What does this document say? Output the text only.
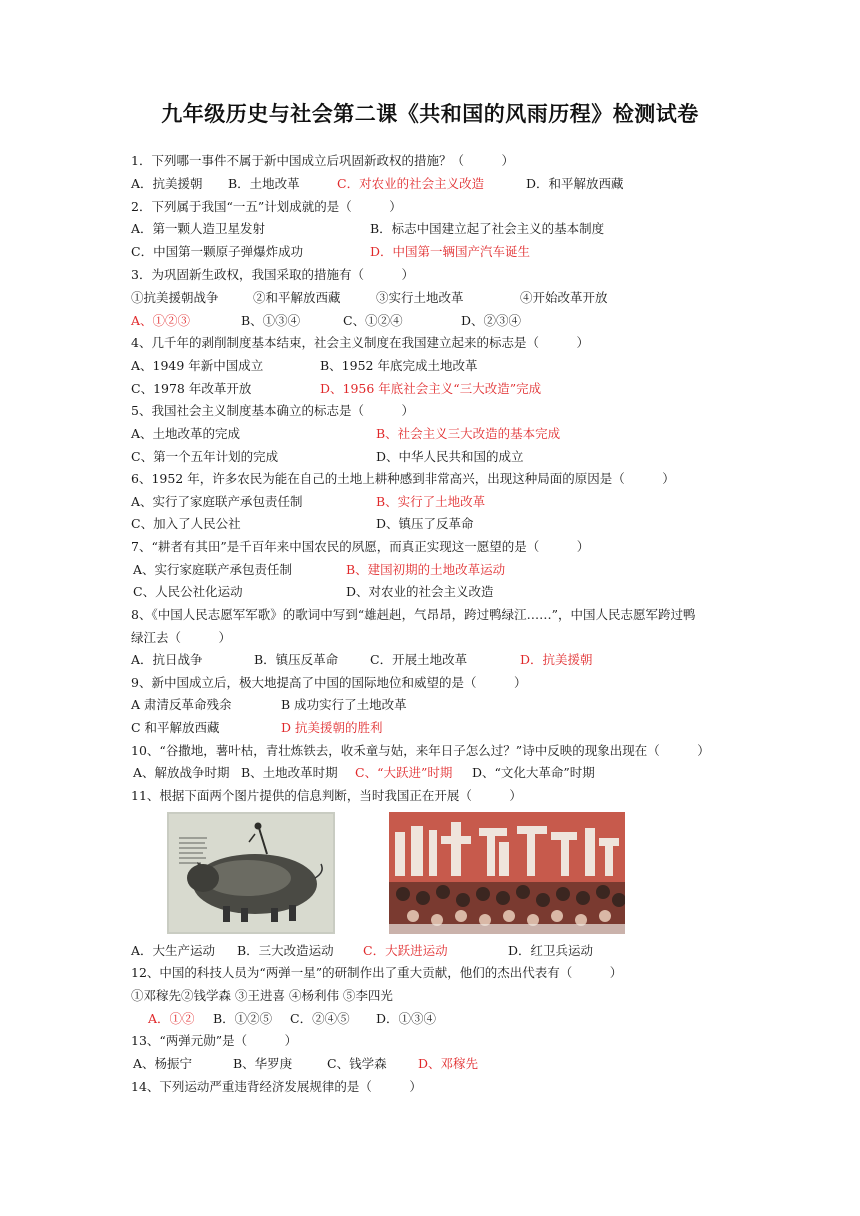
九年级历史与社会第二课《共和国的风雨历程》检测试卷
1．下列哪一事件不属于新中国成立后巩固新政权的措施？（　　　）
A．抗美援朝 B．土地改革	C．对农业的社会主义改造	D．和平解放西藏
2．下列属于我国“一五”计划成就的是（　　　）
A．第一颗人造卫星发射	B．标志中国建立起了社会主义的基本制度
C．中国第一颗原子弹爆炸成功	D．中国第一辆国产汽车诞生
3．为巩固新生政权，我国采取的措施有（　　　）
①抗美援朝战争	②和平解放西藏	③实行土地改革	④开始改革开放
A、①②③	B、①③④	C、①②④	D、②③④
4、几千年的剥削制度基本结束，社会主义制度在我国建立起来的标志是（　　　）
A、1949 年新中国成立	B、1952 年底完成土地改革
C、1978 年改革开放	D、1956 年底社会主义“三大改造”完成
5、我国社会主义制度基本确立的标志是（　　　）
A、土地改革的完成	B、社会主义三大改造的基本完成
C、第一个五年计划的完成	D、中华人民共和国的成立
6、1952 年，许多农民为能在自己的土地上耕种感到非常高兴，出现这种局面的原因是（　　　）
A、实行了家庭联产承包责任制	B、实行了土地改革
C、加入了人民公社	D、镇压了反革命
7、“耕者有其田”是千百年来中国农民的夙愿，而真正实现这一愿望的是（　　　）
A、实行家庭联产承包责任制	B、建国初期的土地改革运动
C、人民公社化运动	D、对农业的社会主义改造
8、《中国人民志愿军军歌》的歌词中写到“雄赳赳，气昂昂，跨过鸭绿江……”，中国人民志愿军跨过鸭
绿江去（　　　）
A．抗日战争	B．镇压反革命	C．开展土地改革	D．抗美援朝
9、新中国成立后，极大地提高了中国的国际地位和威望的是（　　　）
A 肃清反革命残余	B 成功实行了土地改革
C 和平解放西藏	D 抗美援朝的胜利
10、“谷撒地，薯叶枯，青壮炼铁去，收禾童与姑，来年日子怎么过？”诗中反映的现象出现在（　　　）
A、解放战争时期 B、土地改革时期 C、“大跃进”时期 D、“文化大革命”时期
11、根据下面两个图片提供的信息判断，当时我国正在开展（　　　）
A．大生产运动 B．三大改造运动 C．大跃进运动	D．红卫兵运动
12、中国的科技人员为“两弹一星”的研制作出了重大贡献，他们的杰出代表有（　　　）
①邓稼先②钱学森 ③王进喜 ④杨利伟 ⑤李四光
A．①② B．①②⑤ C．②④⑤ D．①③④
13、“两弹元勋”是（　　　）
A、杨振宁	B、华罗庚	C、钱学森	D、邓稼先
14、下列运动严重违背经济发展规律的是（　　　）
